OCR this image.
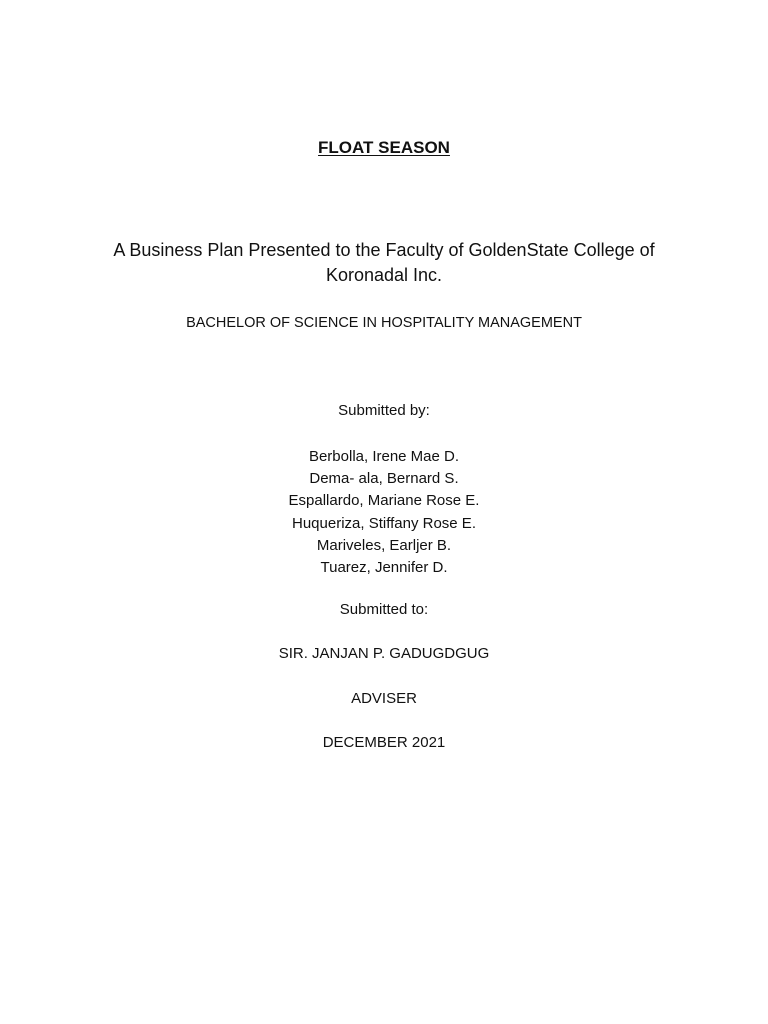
FLOAT SEASON
A Business Plan Presented to the Faculty of GoldenState College of Koronadal Inc.
BACHELOR OF SCIENCE IN HOSPITALITY MANAGEMENT
Submitted by:
Berbolla, Irene Mae D.
Dema- ala, Bernard S.
Espallardo, Mariane Rose E.
Huqueriza, Stiffany Rose E.
Mariveles, Earljer B.
Tuarez, Jennifer D.
Submitted to:
SIR. JANJAN P. GADUGDGUG
ADVISER
DECEMBER 2021
